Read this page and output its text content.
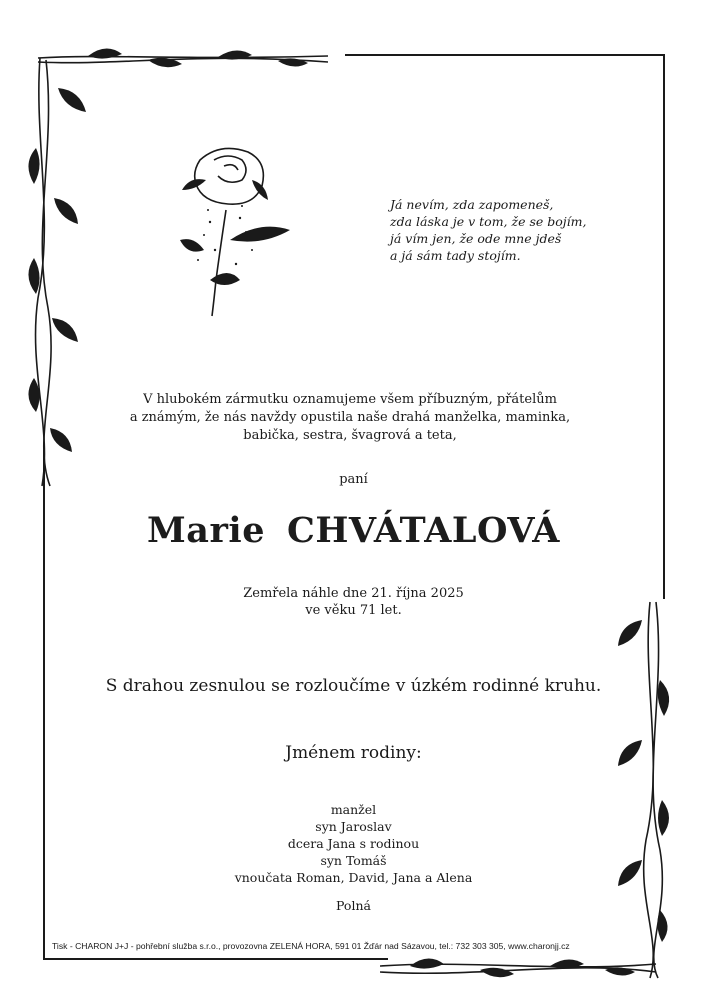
Já nevím, zda zapomeneš,
zda láska je v tom, že se bojím,
já vím jen, že ode mne jdeš
a já sám tady stojím.
V hlubokém zármutku oznamujeme všem příbuzným, přátelům
a známým, že nás navždy opustila naše drahá manželka, maminka,
babička, sestra, švagrová a teta,
paní
Marie CHVÁTALOVÁ
Zemřela náhle dne 21. října 2025
ve věku 71 let.
S drahou zesnulou se rozloučíme v úzkém rodinné kruhu.
Jménem rodiny:
manžel
syn Jaroslav
dcera Jana s rodinou
syn Tomáš
vnoučata Roman, David, Jana a Alena
Polná
Tisk - CHARON J+J - pohřební služba s.r.o., provozovna ZELENÁ HORA, 591 01 Žďár nad Sázavou, tel.: 732 303 305, www.charonjj.cz
